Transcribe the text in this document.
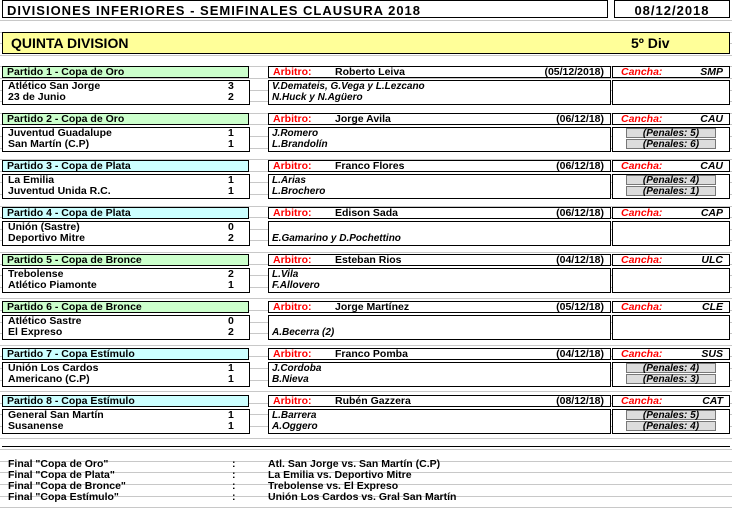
DIVISIONES INFERIORES - SEMIFINALES CLAUSURA 2018	08/12/2018
QUINTA DIVISION	5º Div
Partido 1 - Copa de Oro	Arbitro: Roberto Leiva	(05/12/2018) Cancha:	SMP
Atlético San Jorge	3
23 de Junio	2
V.Demateis, G.Vega y L.Lezcano
N.Huck y N.Agüero
Partido 2 - Copa de Oro	Arbitro: Jorge Avila	(06/12/18) Cancha:	CAU
Juventud Guadalupe	1
San Martín (C.P)	1
J.Romero
L.Brandolín
(Penales: 5)
(Penales: 6)
Partido 3 - Copa de Plata	Arbitro: Franco Flores	(06/12/18) Cancha:	CAU
La Emilia	1
Juventud Unida R.C.	1
L.Arias
L.Brochero
(Penales: 4)
(Penales: 1)
Partido 4 - Copa de Plata	Arbitro: Edison Sada	(06/12/18) Cancha:	CAP
Unión (Sastre)	0
Deportivo Mitre	2	E.Gamarino y D.Pochettino
Partido 5 - Copa de Bronce	Arbitro: Esteban Rios	(04/12/18) Cancha:	ULC
Trebolense	2
Atlético Piamonte	1
L.Vila
F.Allovero
Partido 6 - Copa de Bronce	Arbitro: Jorge Martínez	(05/12/18) Cancha:	CLE
Atlético Sastre	0
El Expreso	2	A.Becerra (2)
Partido 7 - Copa Estímulo	Arbitro: Franco Pomba	(04/12/18) Cancha:	SUS
Unión Los Cardos	1
Americano (C.P)	1
J.Cordoba
B.Nieva
(Penales: 4)
(Penales: 3)
Partido 8 - Copa Estímulo	Arbitro: Rubén Gazzera	(08/12/18) Cancha:	CAT
General San Martín	1
Susanense	1
L.Barrera
A.Oggero
(Penales: 5)
(Penales: 4)
Final "Copa de Oro"	:	Atl. San Jorge vs. San Martín (C.P)
Final "Copa de Plata"	:	La Emilia vs. Deportivo Mitre
Final "Copa de Bronce"	:	Trebolense vs. El Expreso
Final "Copa Estímulo"	:	Unión Los Cardos vs. Gral San Martín
